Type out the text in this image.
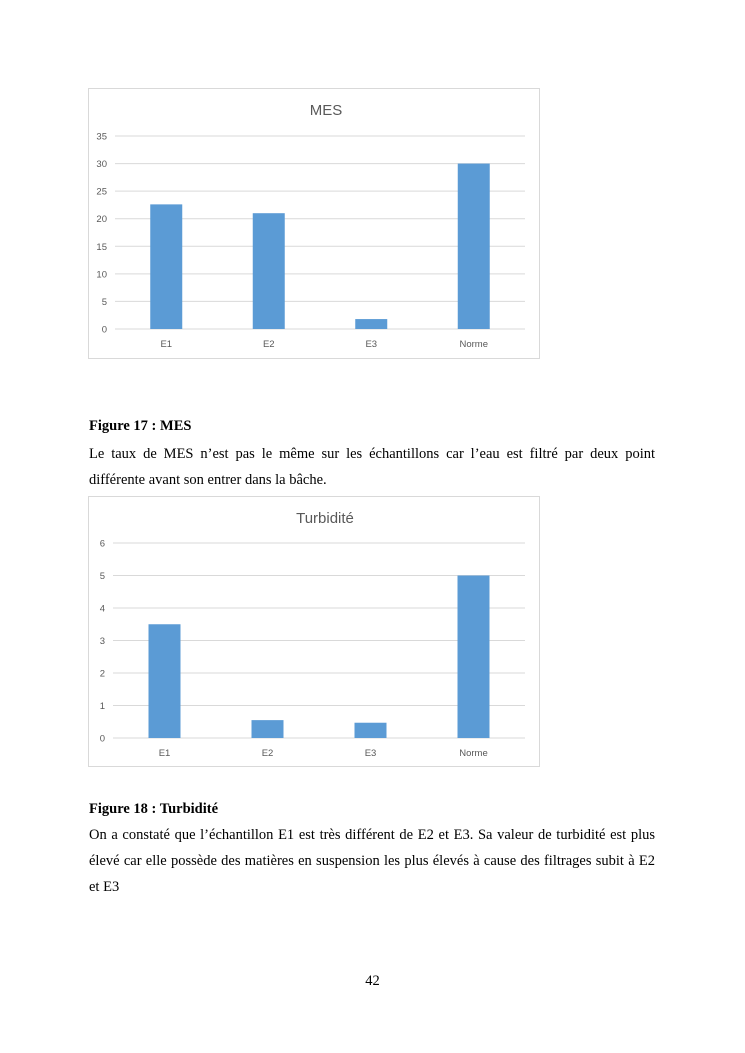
MES
0
5
10
15
20
25
30
35
E1	E2	E3	Norme
Figure 17 : MES
Le taux de MES n’est pas le même sur les échantillons car l’eau est filtré par deux point différente avant son entrer dans la bâche.
Turbidité
0
1
2
3
4
5
6
E1	E2	E3	Norme
Figure 18 : Turbidité
On a constaté que l’échantillon E1 est très différent de E2 et E3. Sa valeur de turbidité est plus élevé car elle possède des matières en suspension les plus élevés à cause des filtrages subit à E2 et E3
42
